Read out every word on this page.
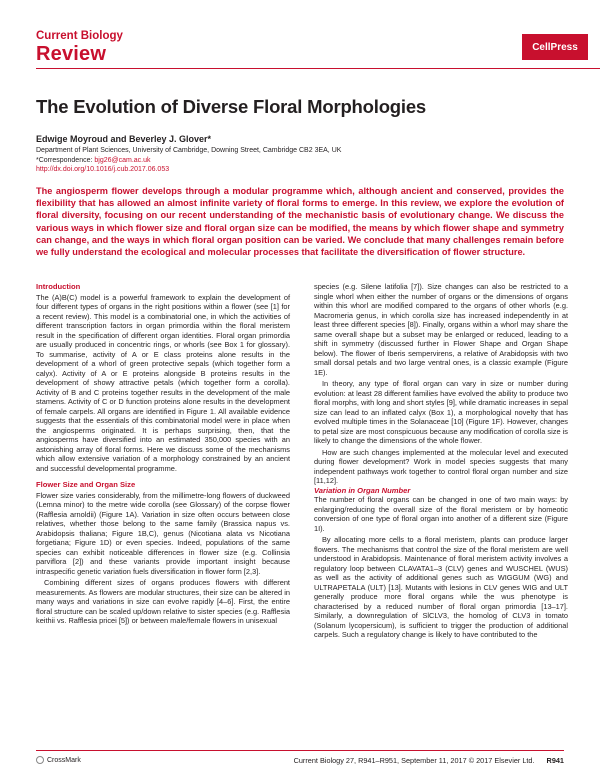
Current Biology
Review	CellPress
The Evolution of Diverse Floral Morphologies
Edwige Moyroud and Beverley J. Glover*
Department of Plant Sciences, University of Cambridge, Downing Street, Cambridge CB2 3EA, UK
*Correspondence: bjg26@cam.ac.uk
http://dx.doi.org/10.1016/j.cub.2017.06.053
The angiosperm flower develops through a modular programme which, although ancient and conserved, provides the flexibility that has allowed an almost infinite variety of floral forms to emerge. In this review, we explore the evolution of floral diversity, focusing on our recent understanding of the mechanistic basis of evolutionary change. We discuss the various ways in which flower size and floral organ size can be modified, the means by which flower shape and symmetry can change, and the ways in which floral organ position can be varied. We conclude that many challenges remain before we fully understand the ecological and molecular processes that facilitate the diversification of flower structure.
Introduction

The (A)B(C) model is a powerful framework to explain the development of four different types of organs in the right positions within a flower (see [1] for a recent review). This model is a combinatorial one, in which the activities of different transcription factors in organ primordia within the floral meristem result in the specification of different organ identities. Floral organ primordia are usually produced in concentric rings, or whorls (see Box 1 for glossary). To summarise, activity of A or E class proteins alone results in the development of a whorl of green protective sepals (which together form a calyx). Activity of A or E proteins alongside B proteins results in the development of showy attractive petals (which together form a corolla). Activity of B and C proteins together results in the development of the male stamens. Activity of C or D function proteins alone results in the development of female carpels. All organs are identified in Figure 1. All available evidence suggests that the essentials of this combinatorial model were in place when the angiosperms originated. It is perhaps surprising, then, that the angiosperms have diversified into an estimated 350,000 species with an astonishing array of floral forms. Here we discuss some of the mechanisms which allow extensive variation of a morphology constrained by an ancient and successful developmental programme.

Flower Size and Organ Size

Flower size varies considerably, from the millimetre-long flowers of duckweed (Lemna minor) to the metre wide corolla (see Glossary) of the corpse flower (Rafflesia arnoldii) (Figure 1A). Variation in size often occurs between close relatives, whether those belong to the same family (Brassica napus vs. Arabidopsis thaliana; Figure 1B,C), genus (Nicotiana alata vs Nicotiana forgetiana; Figure 1D) or even species. Indeed, populations of the same species can exhibit noticeable differences in flower size (e.g. Collinsia parviflora [2]) and these variants provide important insight because intraspecific genetic variation fuels diversification in flower form [2,3].

Combining different sizes of organs produces flowers with different measurements. As flowers are modular structures, their size can be altered in many ways and variations in size can evolve rapidly [4–6]. First, the entire floral structure can be scaled up/down relative to sister species (e.g. Rafflesia keithii vs. Rafflesia pricei [5]) or between male/female flowers in unisexual

species (e.g. Silene latifolia [7]). Size changes can also be restricted to a single whorl when either the number of organs or the dimensions of organs within this whorl are modified compared to the organs of other whorls (e.g. Macromeria genus, in which corolla size has increased independently in at least three different species [8]). Finally, organs within a whorl may share the same overall shape but a subset may be enlarged or reduced, leading to a shift in symmetry (discussed further in Flower Shape and Organ Shape below). The flower of Iberis sempervirens, a relative of Arabidopsis with two small dorsal petals and two large ventral ones, is a classic example (Figure 1E).

In theory, any type of floral organ can vary in size or number during evolution: at least 28 different families have evolved the ability to produce two floral morphs, with long and short styles [9], while dramatic increases in sepal size can lead to an inflated calyx (Box 1), a morphological novelty that has evolved multiple times in the Solanaceae [10] (Figure 1F). However, changes to petal size are most conspicuous because any modification of corolla size is likely to change the dimensions of the whole flower.

How are such changes implemented at the molecular level and executed during flower development? Work in model species suggests that many independent pathways work together to control floral organ number and size [11,12].

Variation in Organ Number

The number of floral organs can be changed in one of two main ways: by enlarging/reducing the overall size of the floral meristem or by homeotic conversion of one type of floral organ into another of a different size (Figure 1I).

By allocating more cells to a floral meristem, plants can produce larger flowers. The mechanisms that control the size of the floral meristem are well understood in Arabidopsis. Maintenance of floral meristem activity involves a regulatory loop between CLAVATA1–3 (CLV) genes and WUSCHEL (WUS) as well as the activity of additional genes such as WIGGUM (WG) and ULTRAPETALA (ULT) [13]. Mutants with lesions in CLV genes WIG and ULT generally produce more floral organs while the wus phenotype is characterised by a reduced number of floral organ primordia [13–17]. Similarly, a downregulation of SlCLV3, the homolog of CLV3 in tomato (Solanum lycopersicum), is sufficient to trigger the production of additional carpels. Such a regulatory change is likely to have contributed to the

CrossMark	Current Biology 27, R941–R951, September 11, 2017 © 2017 Elsevier Ltd. R941
